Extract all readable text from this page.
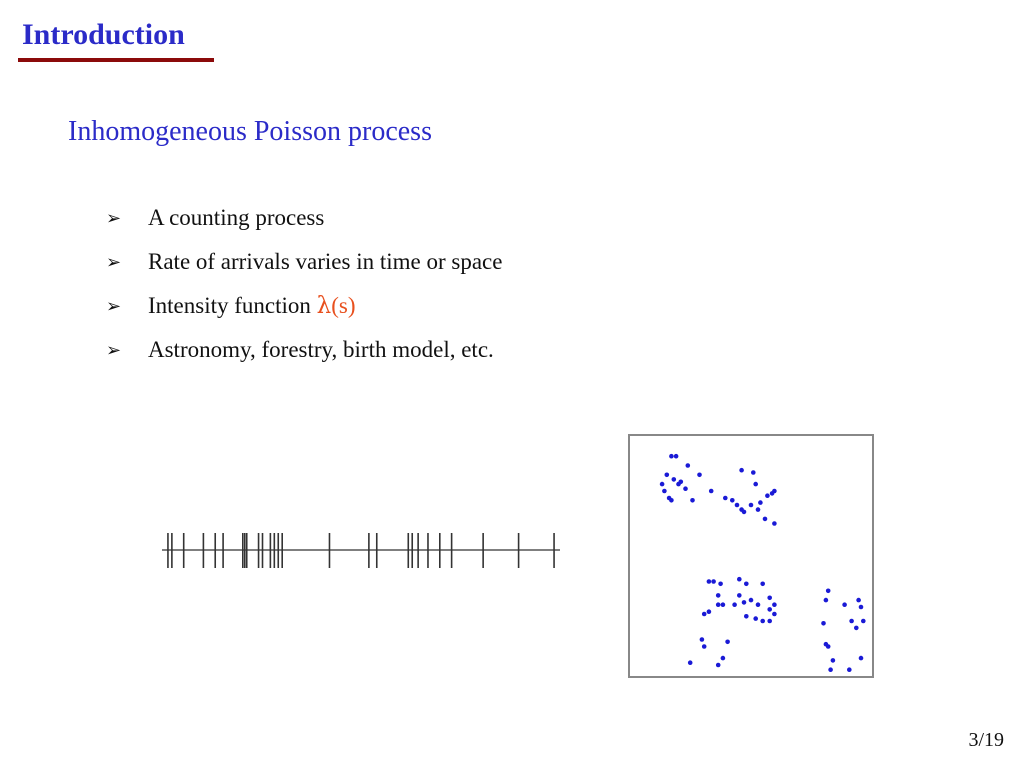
Introduction
Inhomogeneous Poisson process
➢	A counting process
➢	Rate of arrivals varies in time or space
➢	Intensity function λ(s)
➢	Astronomy, forestry, birth model, etc.
3/19
